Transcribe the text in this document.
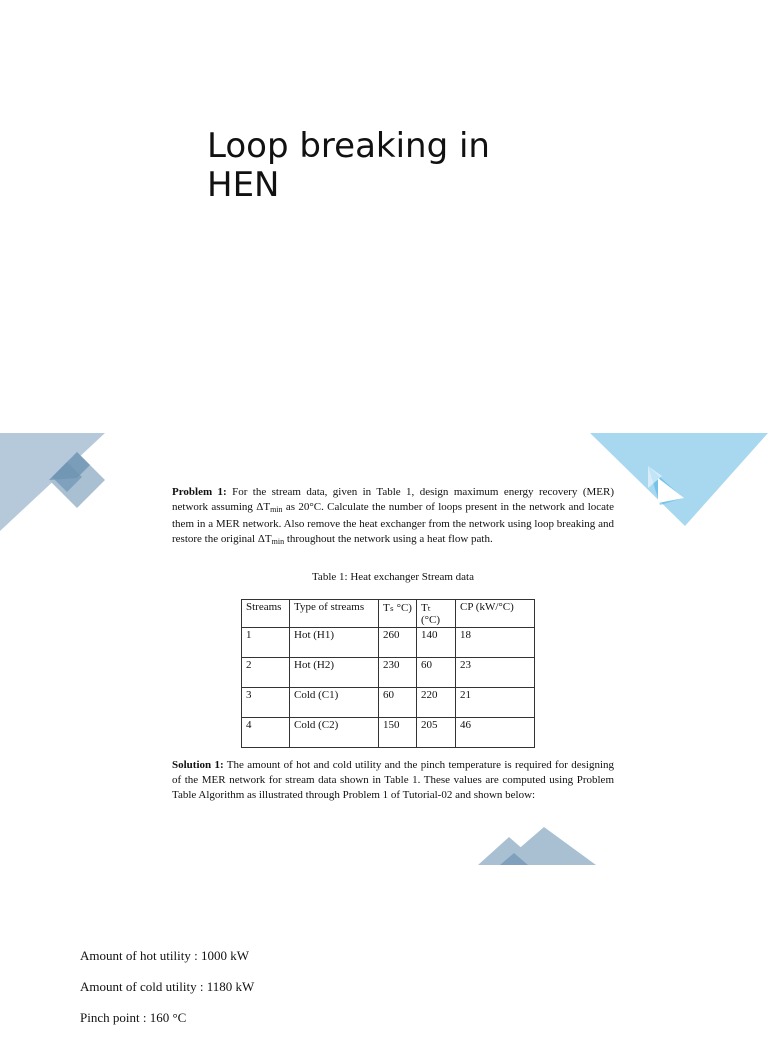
Loop breaking in HEN

Problem 1: For the stream data, given in Table 1, design maximum energy recovery (MER) network assuming $\Delta T_{min}$ as 20°C. Calculate the number of loops present in the network and locate them in a MER network. Also remove the heat exchanger from the network using loop breaking and restore the original $\Delta T_{min}$ throughout the network using a heat flow path.

Table 1: Heat exchanger Stream data
Streams	Type of streams	Tₛ °C)	Tₜ (°C)	CP (kW/°C)
1	Hot (H1)	260	140	18
2	Hot (H2)	230	60	23
3	Cold (C1)	60	220	21
4	Cold (C2)	150	205	46

Solution 1: The amount of hot and cold utility and the pinch temperature is required for designing of the MER network for stream data shown in Table 1. These values are computed using Problem Table Algorithm as illustrated through Problem 1 of Tutorial-02 and shown below:

Amount of hot utility : 1000 kW
Amount of cold utility : 1180 kW
Pinch point : 160 °C
